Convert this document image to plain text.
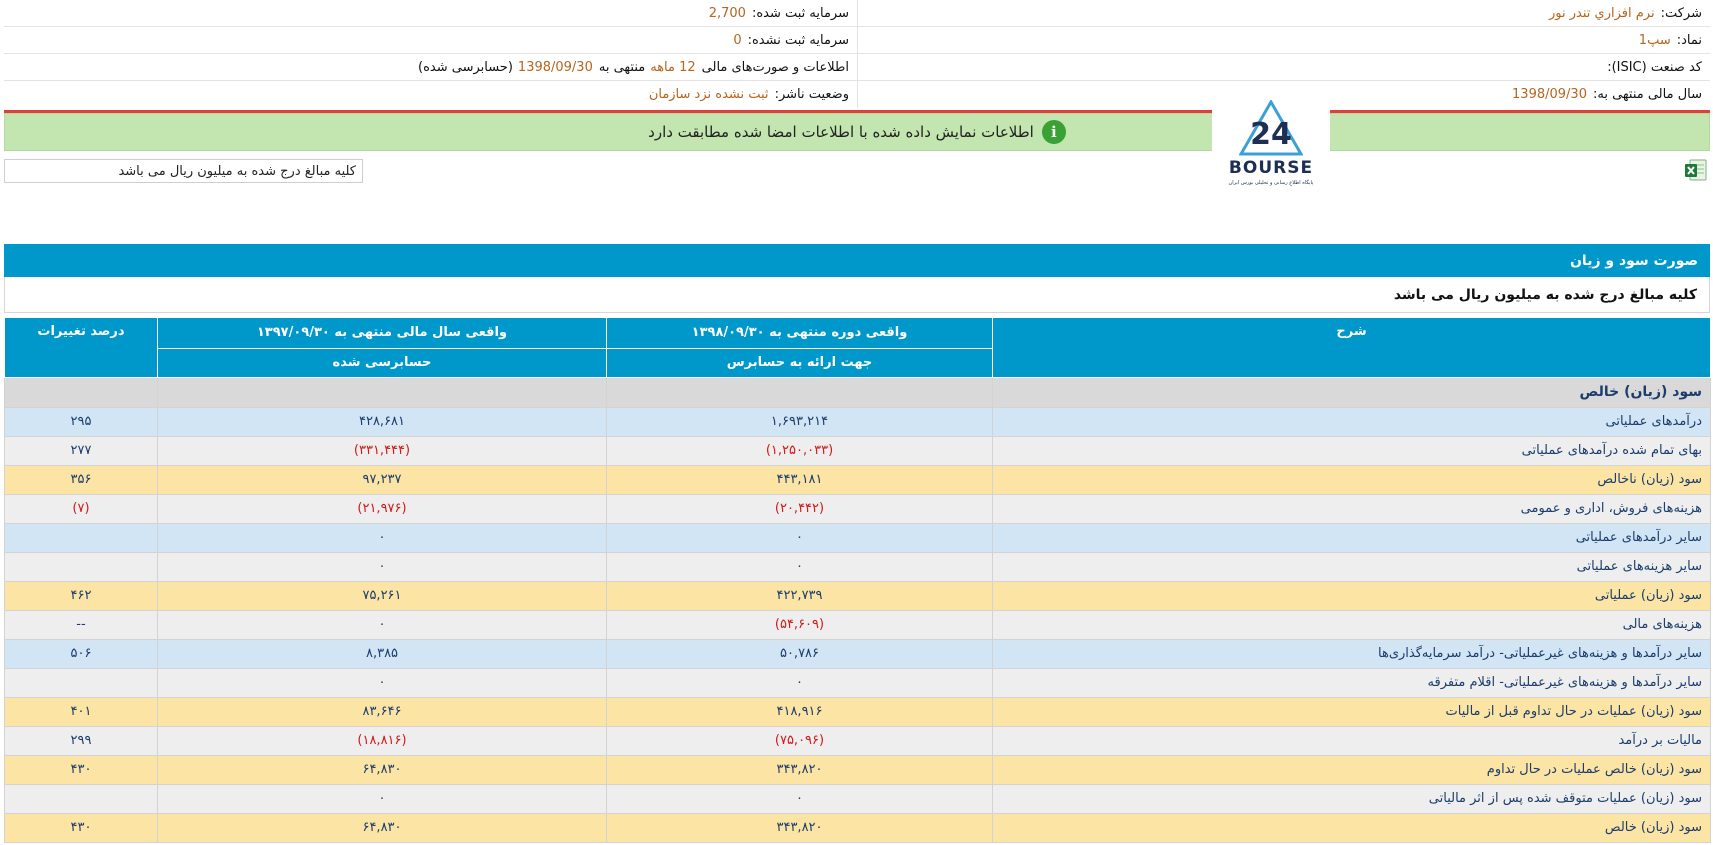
شرکت:
نرم افزاري تندر نور
سرمایه ثبت شده:
2,700
نماد:
سپ1
سرمایه ثبت نشده:
0
کد صنعت (ISIC):
اطلاعات و صورت‌های مالی
12 ماهه
منتهی به
1398/09/30
(حسابرسی شده)
سال مالی منتهی به:
1398/09/30
وضعیت ناشر:
ثبت نشده نزد سازمان
i
اطلاعات نمایش داده شده با اطلاعات امضا شده مطابقت دارد	24
BOURSE
پایگاه اطلاع رسانی و تحلیلی بورس ایران
کلیه مبالغ درج شده به میلیون ریال می باشد
صورت سود و زیان
کلیه مبالغ درج شده به میلیون ریال می باشد
شرح	واقعی دوره منتهی به ۱۳۹۸/۰۹/۳۰	واقعی سال مالی منتهی به ۱۳۹۷/۰۹/۳۰	درصد تغییرات
	جهت ارائه به حسابرس	حسابرسی شده	
سود (زیان) خالص			
درآمدهای عملیاتی	۱,۶۹۳,۲۱۴	۴۲۸,۶۸۱	۲۹۵
بهای تمام شده درآمدهای عملیاتی	(۱,۲۵۰,۰۳۳)	(۳۳۱,۴۴۴)	۲۷۷
سود (زیان) ناخالص	۴۴۳,۱۸۱	۹۷,۲۳۷	۳۵۶
هزینه‌های فروش، اداری و عمومی	(۲۰,۴۴۲)	(۲۱,۹۷۶)	(۷)
سایر درآمدهای عملیاتی	۰	۰	
سایر هزینه‌های عملیاتی	۰	۰	
سود (زیان) عملیاتی	۴۲۲,۷۳۹	۷۵,۲۶۱	۴۶۲
هزینه‌های مالی	(۵۴,۶۰۹)	۰	--
سایر درآمدها و هزینه‌های غیرعملیاتی- درآمد سرمایه‌گذاری‌ها	۵۰,۷۸۶	۸,۳۸۵	۵۰۶
سایر درآمدها و هزینه‌های غیرعملیاتی- اقلام متفرقه	۰	۰	
سود (زیان) عملیات در حال تداوم قبل از مالیات	۴۱۸,۹۱۶	۸۳,۶۴۶	۴۰۱
مالیات بر درآمد	(۷۵,۰۹۶)	(۱۸,۸۱۶)	۲۹۹
سود (زیان) خالص عملیات در حال تداوم	۳۴۳,۸۲۰	۶۴,۸۳۰	۴۳۰
سود (زیان) عملیات متوقف شده پس از اثر مالیاتی	۰	۰	
سود (زیان) خالص	۳۴۳,۸۲۰	۶۴,۸۳۰	۴۳۰
